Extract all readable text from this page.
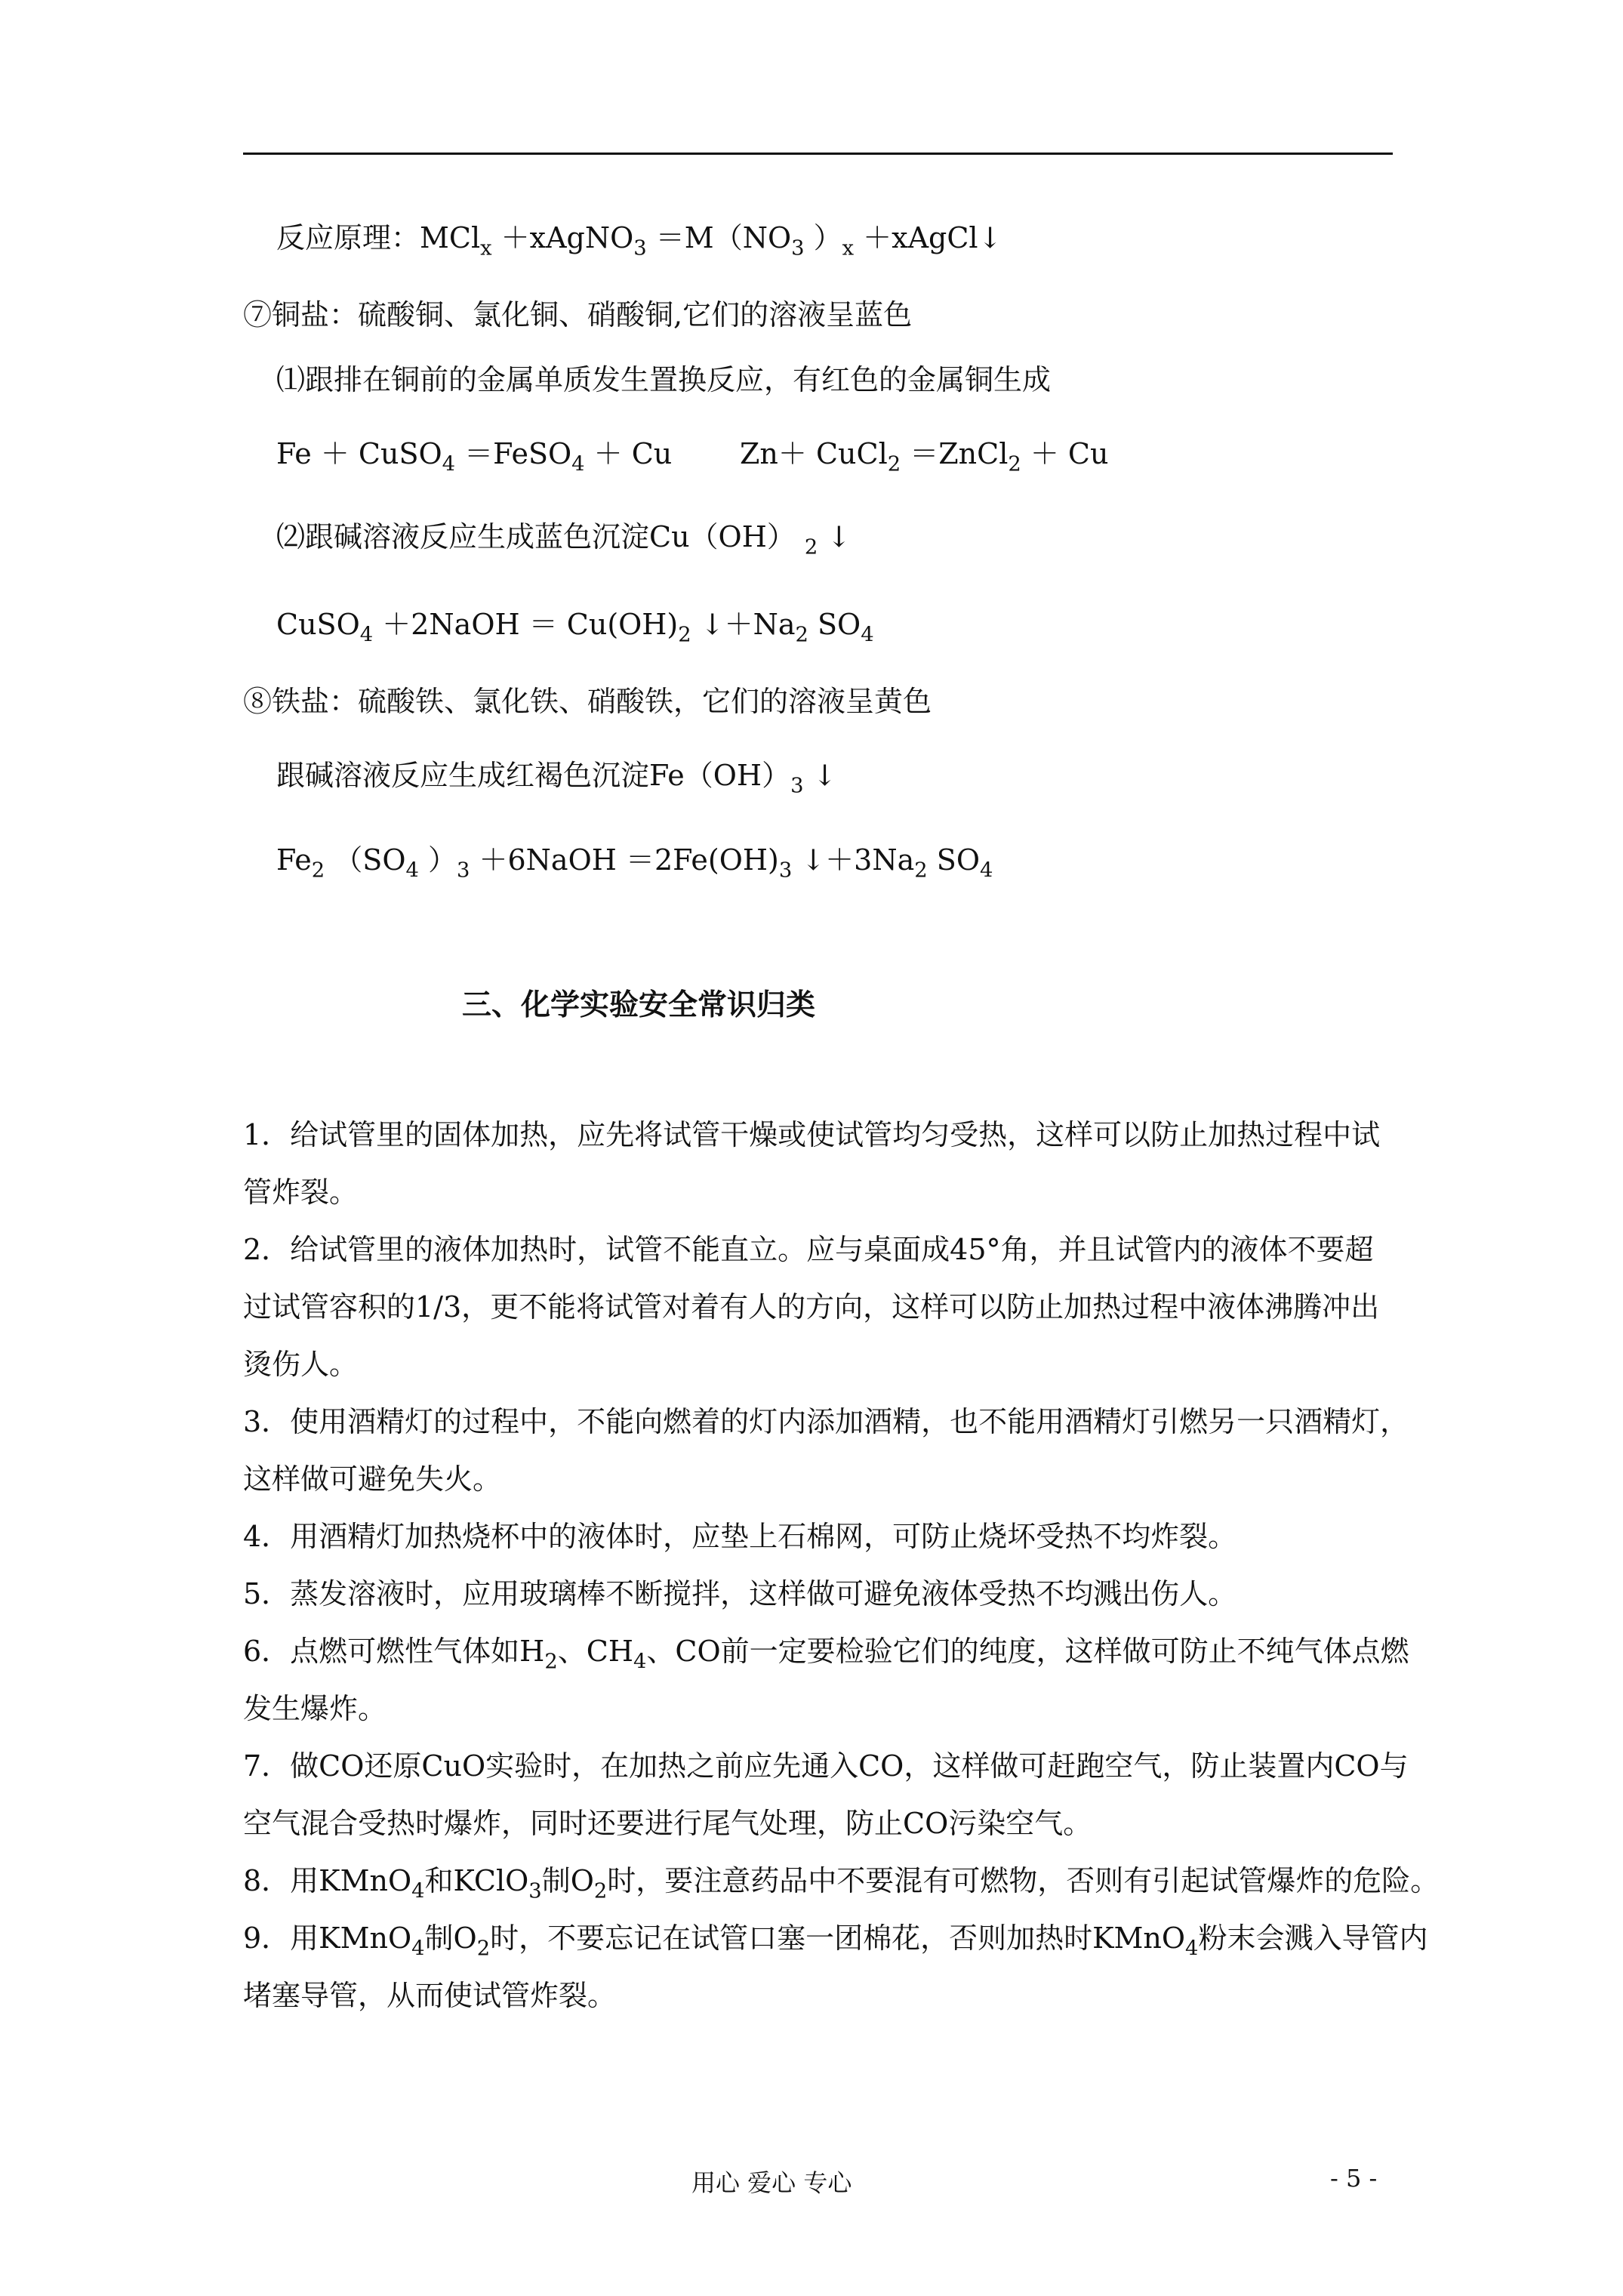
反应原理：MCl$_x$ ＋xAgNO$_3$ $=M(NO_3$ ）$_x$ ＋xAgCl↓
⑦铜盐：硫酸铜、氯化铜、硝酸铜,它们的溶液呈蓝色
⑴跟排在铜前的金属单质发生置换反应，有红色的金属铜生成
Fe ＋ CuSO$_4$ ＝FeSO$_4$ ＋ Cu Zn＋ CuCl$_2$ ＝ZnCl$_2$ ＋ Cu
⑵跟碱溶液反应生成蓝色沉淀Cu（OH） $_2$ ↓
CuSO$_4$ ＋2NaOH ＝ $Cu(OH)_2$ $↓+Na_2$ $SO_4$
⑧铁盐：硫酸铁、氯化铁、硝酸铁，它们的溶液呈黄色
跟碱溶液反应生成红褐色沉淀$Fe(OH)_3$ ↓
$Fe_2$ （$SO_4$ ）$_3$ ＋6NaOH $=2Fe(OH)_3$ $↓+3Na_2$ $SO_4$
三、化学实验安全常识归类
1．给试管里的固体加热，应先将试管干燥或使试管均匀受热，这样可以防止加热过程中试
管炸裂。
2．给试管里的液体加热时，试管不能直立。应与桌面成45°角，并且试管内的液体不要超
过试管容积的1/3，更不能将试管对着有人的方向，这样可以防止加热过程中液体沸腾冲出
烫伤人。
3．使用酒精灯的过程中，不能向燃着的灯内添加酒精，也不能用酒精灯引燃另一只酒精灯，
这样做可避免失火。
4．用酒精灯加热烧杯中的液体时，应垫上石棉网，可防止烧坏受热不均炸裂。
5．蒸发溶液时，应用玻璃棒不断搅拌，这样做可避免液体受热不均溅出伤人。
6．点燃可燃性气体如$H_2$、$CH_4$、CO前一定要检验它们的纯度，这样做可防止不纯气体点燃
发生爆炸。
7．做CO还原CuO实验时，在加热之前应先通入CO，这样做可赶跑空气，防止装置内CO与
空气混合受热时爆炸，同时还要进行尾气处理，防止CO污染空气。
8．用KMnO$_4$和KClO$_3$制$O_2$时，要注意药品中不要混有可燃物，否则有引起试管爆炸的危险。
9．用KMnO$_4$制$O_2$时，不要忘记在试管口塞一团棉花，否则加热时KMnO$_4$粉末会溅入导管内
堵塞导管，从而使试管炸裂。
用心 爱心 专心	- 5 -
